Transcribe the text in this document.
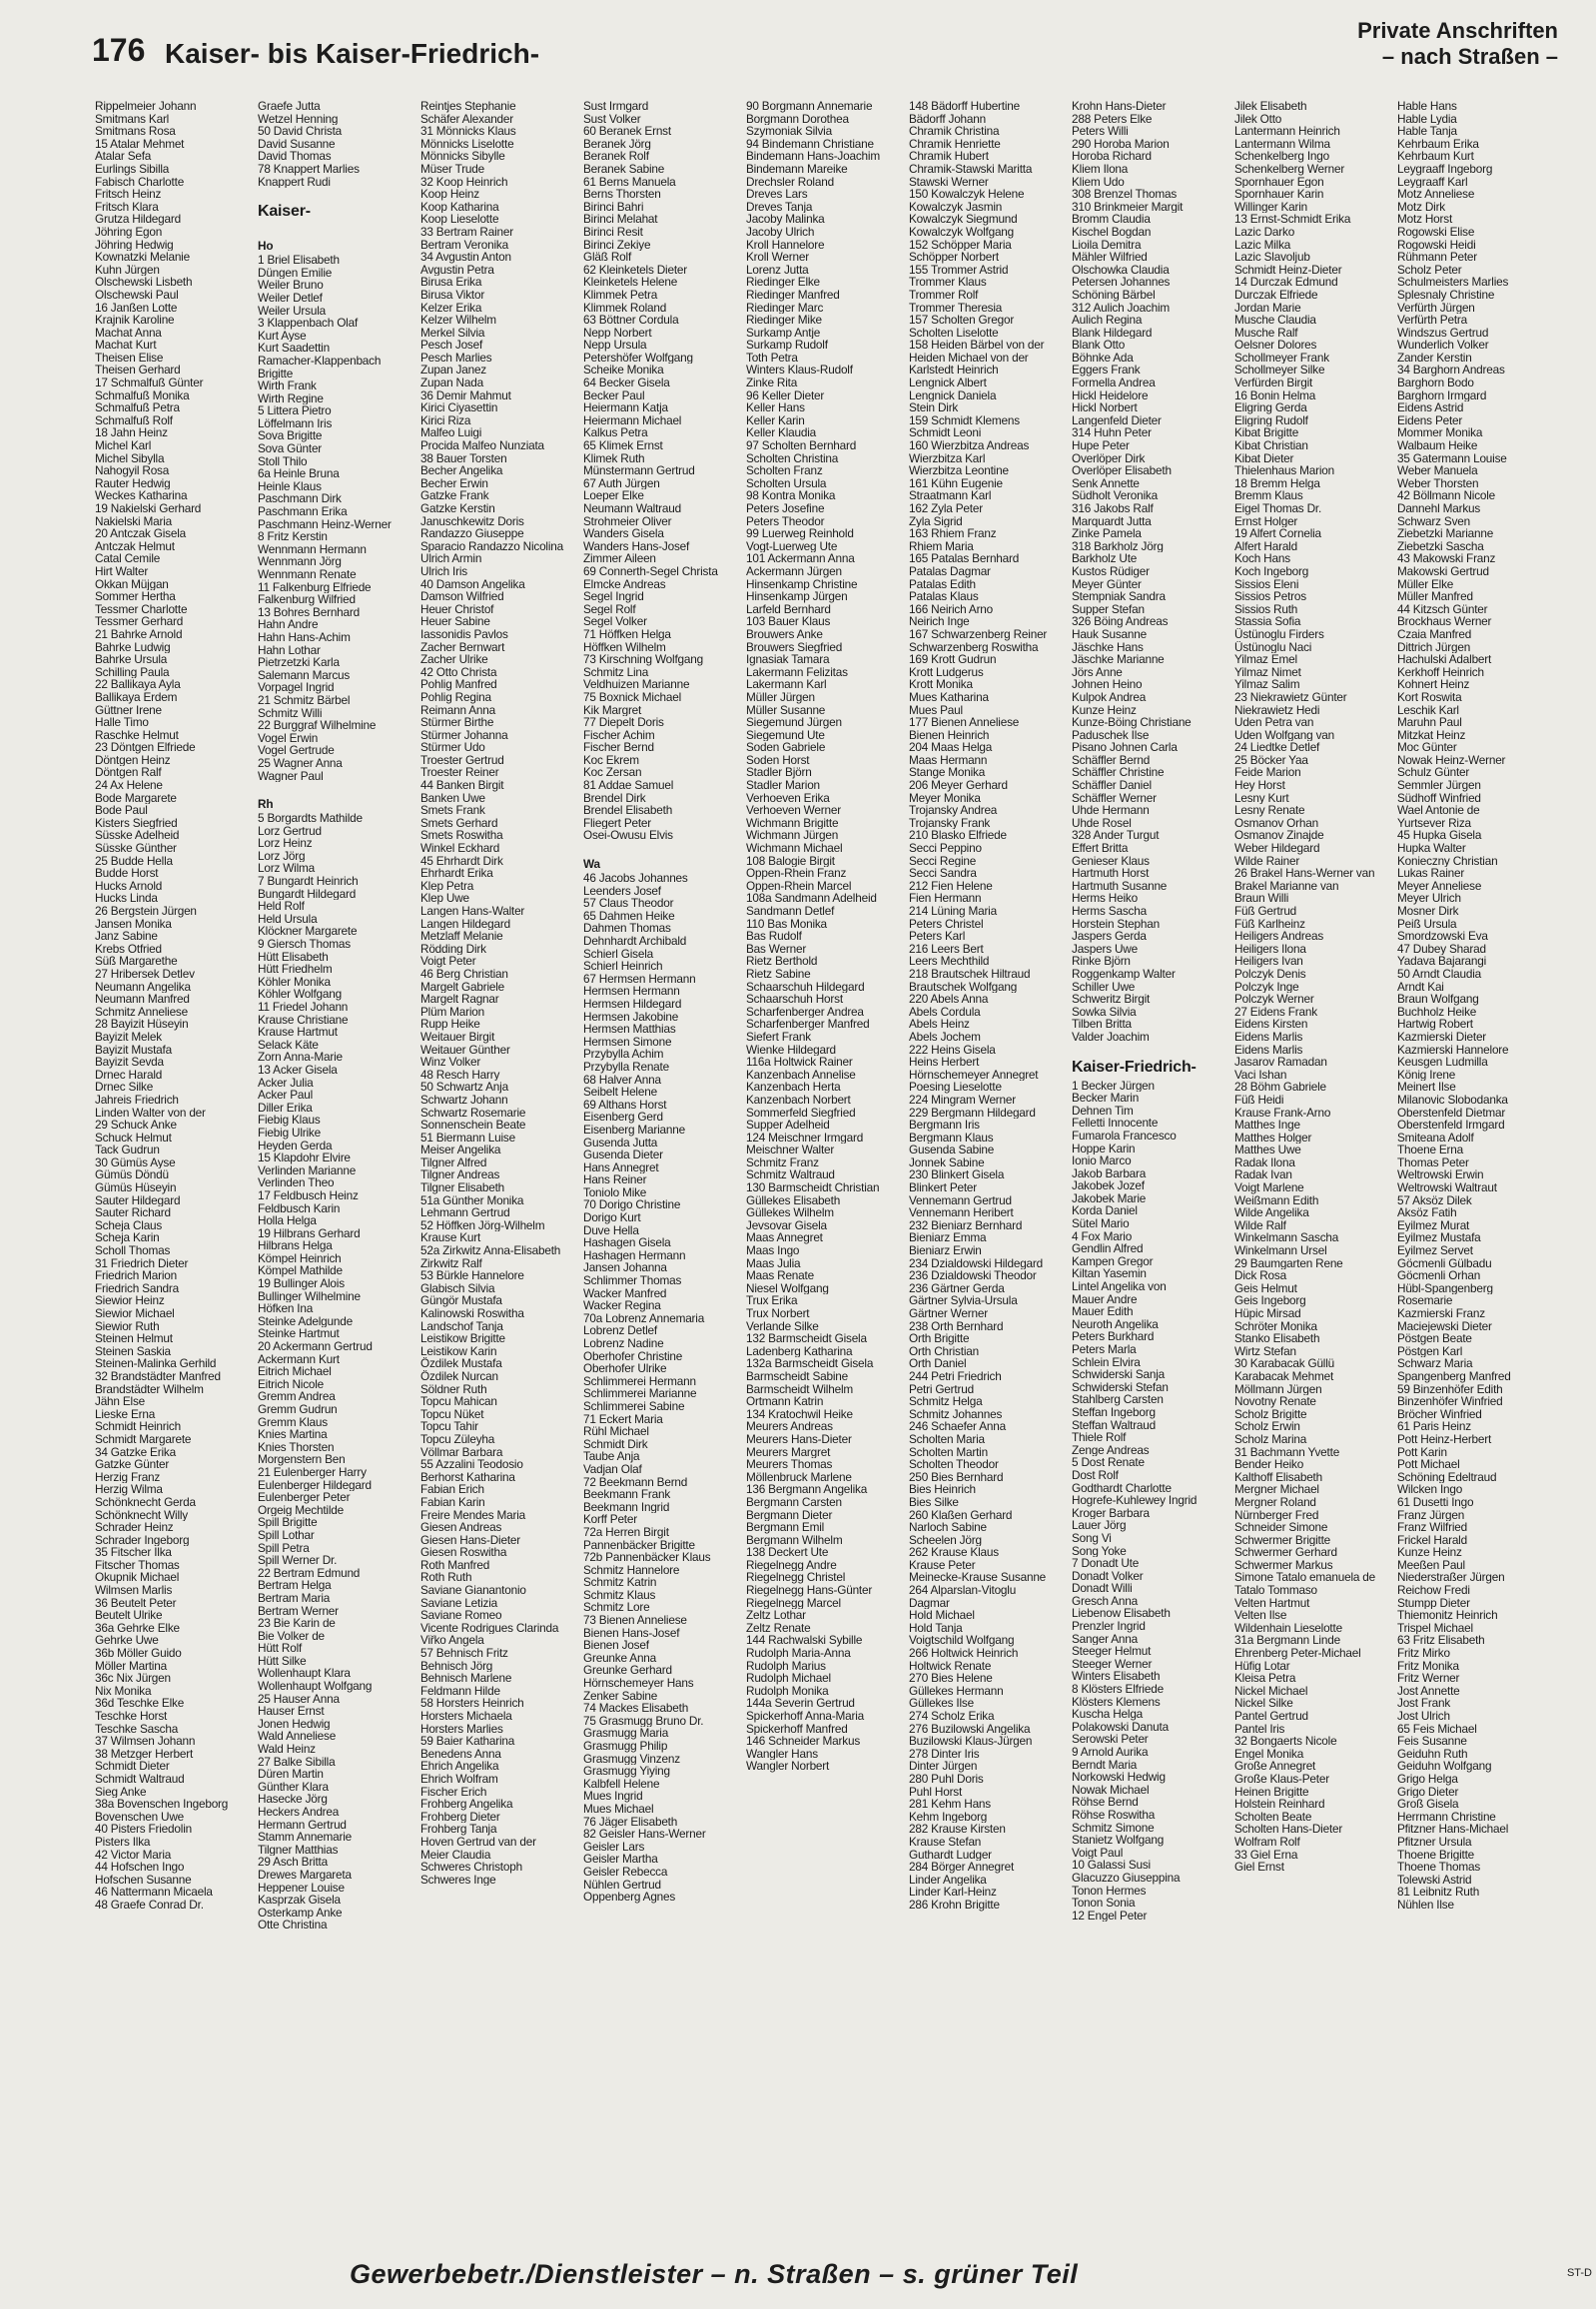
176 Kaiser- bis Kaiser-Friedrich-
Private Anschriften
– nach Straßen –
Rippelmeier Johann
Smitmans Karl
Smitmans Rosa
15 Atalar Mehmet
Atalar Sefa
Eurlings Sibilla
Fabisch Charlotte
Fritsch Heinz
Fritsch Klara
Grutza Hildegard
Jöhring Egon
Jöhring Hedwig
Kownatzki Melanie
Kuhn Jürgen
Olschewski Lisbeth
Olschewski Paul
16 Janßen Lotte
Krajnik Karoline
Machat Anna
Machat Kurt
Theisen Elise
Theisen Gerhard
17 Schmalfuß Günter
Schmalfuß Monika
Schmalfuß Petra
Schmalfuß Rolf
18 Jahn Heinz
Michel Karl
Michel Sibylla
Nahogyil Rosa
Rauter Hedwig
Weckes Katharina
19 Nakielski Gerhard
Nakielski Maria
20 Antczak Gisela
Antczak Helmut
Catal Cemile
Hirt Walter
Okkan Müjgan
Sommer Hertha
Tessmer Charlotte
Tessmer Gerhard
21 Bahrke Arnold
Bahrke Ludwig
Bahrke Ursula
Schilling Paula
22 Ballikaya Ayla
Ballikaya Erdem
Güttner Irene
Halle Timo
Raschke Helmut
23 Döntgen Elfriede
Döntgen Heinz
Döntgen Ralf
24 Ax Helene
Bode Margarete
Bode Paul
Kisters Siegfried
Süsske Adelheid
Süsske Günther
25 Budde Hella
Budde Horst
Hucks Arnold
Hucks Linda
26 Bergstein Jürgen
Jansen Monika
Janz Sabine
Krebs Otfried
Süß Margarethe
27 Hribersek Detlev
Neumann Angelika
Neumann Manfred
Schmitz Anneliese
28 Bayizit Hüseyin
Bayizit Melek
Bayizit Mustafa
Bayizit Sevda
Drnec Harald
Drnec Silke
Jahreis Friedrich
Linden Walter von der
29 Schuck Anke
Schuck Helmut
Tack Gudrun
30 Gümüs Ayse
Gümüs Döndü
Gümüs Hüseyin
Sauter Hildegard
Sauter Richard
Scheja Claus
Scheja Karin
Scholl Thomas
31 Friedrich Dieter
Friedrich Marion
Friedrich Sandra
Siewior Heinz
Siewior Michael
Siewior Ruth
Steinen Helmut
Steinen Saskia
Steinen-Malinka Gerhild
32 Brandstädter Manfred
Brandstädter Wilhelm
Jähn Else
Lieske Erna
Schmidt Heinrich
Schmidt Margarete
34 Gatzke Erika
Gatzke Günter
Herzig Franz
Herzig Wilma
Schönknecht Gerda
Schönknecht Willy
Schrader Heinz
Schrader Ingeborg
35 Fitscher Ilka
Fitscher Thomas
Okupnik Michael
Wilmsen Marlis
36 Beutelt Peter
Beutelt Ulrike
36a Gehrke Elke
Gehrke Uwe
36b Möller Guido
Möller Martina
36c Nix Jürgen
Nix Monika
36d Teschke Elke
Teschke Horst
Teschke Sascha
37 Wilmsen Johann
38 Metzger Herbert
Schmidt Dieter
Schmidt Waltraud
Sieg Anke
38a Bovenschen Ingeborg
Bovenschen Uwe
40 Pisters Friedolin
Pisters Ilka
42 Victor Maria
44 Hofschen Ingo
Hofschen Susanne
46 Nattermann Micaela
48 Graefe Conrad Dr.
Graefe Jutta
Wetzel Henning
50 David Christa
David Susanne
David Thomas
78 Knappert Marlies
Knappert Rudi
Kaiser-
Ho
1 Briel Elisabeth
Düngen Emilie
Weiler Bruno
Weiler Detlef
Weiler Ursula
3 Klappenbach Olaf
Kurt Ayse
Kurt Saadettin
Ramacher-Klappenbach
Brigitte
Wirth Frank
Wirth Regine
5 Littera Pietro
Löffelmann Iris
Sova Brigitte
Sova Günter
Stoll Thilo
6a Heinle Bruna
Heinle Klaus
Paschmann Dirk
Paschmann Erika
Paschmann Heinz-Werner
8 Fritz Kerstin
Wennmann Hermann
Wennmann Jörg
Wennmann Renate
11 Falkenburg Elfriede
Falkenburg Wilfried
13 Bohres Bernhard
Hahn Andre
Hahn Hans-Achim
Hahn Lothar
Pietrzetzki Karla
Salemann Marcus
Vorpagel Ingrid
21 Schmitz Bärbel
Schmitz Willi
22 Burggraf Wilhelmine
Vogel Erwin
Vogel Gertrude
25 Wagner Anna
Wagner Paul
Rh
5 Borgardts Mathilde
Lorz Gertrud
Lorz Heinz
Lorz Jörg
Lorz Wilma
7 Bungardt Heinrich
Bungardt Hildegard
Held Rolf
Held Ursula
Klöckner Margarete
9 Giersch Thomas
Hütt Elisabeth
Hütt Friedhelm
Köhler Monika
Köhler Wolfgang
11 Friedel Johann
Krause Christiane
Krause Hartmut
Selack Käte
Zorn Anna-Marie
13 Acker Gisela
Acker Julia
Acker Paul
Diller Erika
Fiebig Klaus
Fiebig Ulrike
Heyden Gerda
15 Klapdohr Elvire
Verlinden Marianne
Verlinden Theo
17 Feldbusch Heinz
Feldbusch Karin
Holla Helga
19 Hilbrans Gerhard
Hilbrans Helga
Kömpel Heinrich
Kömpel Mathilde
19 Bullinger Alois
Bullinger Wilhelmine
Höfken Ina
Steinke Adelgunde
Steinke Hartmut
20 Ackermann Gertrud
Ackermann Kurt
Eitrich Michael
Eitrich Nicole
Gremm Andrea
Gremm Gudrun
Gremm Klaus
Knies Martina
Knies Thorsten
Morgenstern Ben
21 Eulenberger Harry
Eulenberger Hildegard
Eulenberger Peter
Orgeig Mechtilde
Spill Brigitte
Spill Lothar
Spill Petra
Spill Werner Dr.
22 Bertram Edmund
Bertram Helga
Bertram Maria
Bertram Werner
23 Bie Karin de
Bie Volker de
Hütt Rolf
Hütt Silke
Wollenhaupt Klara
Wollenhaupt Wolfgang
25 Hauser Anna
Hauser Ernst
Jonen Hedwig
Wald Anneliese
Wald Heinz
27 Balke Sibilla
Düren Martin
Günther Klara
Hasecke Jörg
Heckers Andrea
Hermann Gertrud
Stamm Annemarie
Tilgner Matthias
29 Asch Britta
Drewes Margareta
Heppener Louise
Kasprzak Gisela
Osterkamp Anke
Otte Christina
Reintjes Stephanie
Schäfer Alexander
31 Mönnicks Klaus
Mönnicks Liselotte
Mönnicks Sibylle
Müser Trude
32 Koop Heinrich
Koop Heinz
Koop Katharina
Koop Lieselotte
33 Bertram Rainer
Bertram Veronika
34 Avgustin Anton
Avgustin Petra
Birusa Erika
Birusa Viktor
Kelzer Erika
Kelzer Wilhelm
Merkel Silvia
Pesch Josef
Pesch Marlies
Zupan Janez
Zupan Nada
36 Demir Mahmut
Kirici Ciyasettin
Kirici Riza
Malfeo Luigi
Procida Malfeo Nunziata
38 Bauer Torsten
Becher Angelika
Becher Erwin
Gatzke Frank
Gatzke Kerstin
Januschkewitz Doris
Randazzo Giuseppe
Sparacio Randazzo Nicolina
Ulrich Armin
Ulrich Iris
40 Damson Angelika
Damson Wilfried
Heuer Christof
Heuer Sabine
Iassonidis Pavlos
Zacher Bernwart
Zacher Ulrike
42 Otto Christa
Pohlig Manfred
Pohlig Regina
Reimann Anna
Stürmer Birthe
Stürmer Johanna
Stürmer Udo
Troester Gertrud
Troester Reiner
44 Banken Birgit
Banken Uwe
Smets Frank
Smets Gerhard
Smets Roswitha
Winkel Eckhard
45 Ehrhardt Dirk
Ehrhardt Erika
Klep Petra
Klep Uwe
Langen Hans-Walter
Langen Hildegard
Metzlaff Melanie
Rödding Dirk
Voigt Peter
46 Berg Christian
Margelt Gabriele
Margelt Ragnar
Plüm Marion
Rupp Heike
Weitauer Birgit
Weitauer Günther
Winz Volker
48 Resch Harry
50 Schwartz Anja
Schwartz Johann
Schwartz Rosemarie
Sonnenschein Beate
51 Biermann Luise
Meiser Angelika
Tilgner Alfred
Tilgner Andreas
Tilgner Elisabeth
51a Günther Monika
Lehmann Gertrud
52 Höffken Jörg-Wilhelm
Krause Kurt
52a Zirkwitz Anna-Elisabeth
Zirkwitz Ralf
53 Bürkle Hannelore
Glabisch Silvia
Güngör Mustafa
Kalinowski Roswitha
Landschof Tanja
Leistikow Brigitte
Leistikow Karin
Özdilek Mustafa
Özdilek Nurcan
Söldner Ruth
Topcu Mahican
Topcu Nüket
Topcu Tahir
Topcu Züleyha
Völlmar Barbara
55 Azzalini Teodosio
Berhorst Katharina
Fabian Erich
Fabian Karin
Freire Mendes Maria
Giesen Andreas
Giesen Hans-Dieter
Giesen Roswitha
Roth Manfred
Roth Ruth
Saviane Gianantonio
Saviane Letizia
Saviane Romeo
Vicente Rodrigues Clarinda
Viřko Angela
57 Behnisch Fritz
Behnisch Jörg
Behnisch Marlene
Feldmann Hilde
58 Horsters Heinrich
Horsters Michaela
Horsters Marlies
59 Baier Katharina
Benedens Anna
Ehrich Angelika
Ehrich Wolfram
Fischer Erich
Frohberg Angelika
Frohberg Dieter
Frohberg Tanja
Hoven Gertrud van der
Meier Claudia
Schweres Christoph
Schweres Inge
Sust Irmgard
Sust Volker
60 Beranek Ernst
Beranek Jörg
Beranek Rolf
Beranek Sabine
61 Berns Manuela
Berns Thorsten
Birinci Bahri
Birinci Melahat
Birinci Resit
Birinci Zekiye
Gläß Rolf
62 Kleinketels Dieter
Kleinketels Helene
Klimmek Petra
Klimmek Roland
63 Böttner Cordula
Nepp Norbert
Nepp Ursula
Petershöfer Wolfgang
Scheike Monika
64 Becker Gisela
Becker Paul
Heiermann Katja
Heiermann Michael
Kalkus Petra
65 Klimek Ernst
Klimek Ruth
Münstermann Gertrud
67 Auth Jürgen
Loeper Elke
Neumann Waltraud
Strohmeier Oliver
Wanders Gisela
Wanders Hans-Josef
Zimmer Aileen
69 Connerth-Segel Christa
Elmcke Andreas
Segel Ingrid
Segel Rolf
Segel Volker
71 Höffken Helga
Höffken Wilhelm
73 Kirschning Wolfgang
Schmitz Lina
Veldhuizen Marianne
75 Boxnick Michael
Kik Margret
77 Diepelt Doris
Fischer Achim
Fischer Bernd
Koc Ekrem
Koc Zersan
81 Addae Samuel
Brendel Dirk
Brendel Elisabeth
Fliegert Peter
Osei-Owusu Elvis
Wa
46 Jacobs Johannes
Leenders Josef
57 Claus Theodor
65 Dahmen Heike
Dahmen Thomas
Dehnhardt Archibald
Schierl Gisela
Schierl Heinrich
67 Hermsen Hermann
Hermsen Hermann
Hermsen Hildegard
Hermsen Jakobine
Hermsen Matthias
Hermsen Simone
Przybylla Achim
Przybylla Renate
68 Halver Anna
Seibelt Helene
69 Althans Horst
Eisenberg Gerd
Eisenberg Marianne
Gusenda Jutta
Gusenda Dieter
Hans Annegret
Hans Reiner
Toniolo Mike
70 Dorigo Christine
Dorigo Kurt
Duve Hella
Hashagen Gisela
Hashagen Hermann
Jansen Johanna
Schlimmer Thomas
Wacker Manfred
Wacker Regina
70a Lobrenz Annemaria
Lobrenz Detlef
Lobrenz Nadine
Oberhofer Christine
Oberhofer Ulrike
Schlimmerei Hermann
Schlimmerei Marianne
Schlimmerei Sabine
71 Eckert Maria
Rühl Michael
Schmidt Dirk
Taube Anja
Vadjan Olaf
72 Beekmann Bernd
Beekmann Frank
Beekmann Ingrid
Korff Peter
72a Herren Birgit
Pannenbäcker Brigitte
72b Pannenbäcker Klaus
Schmitz Hannelore
Schmitz Katrin
Schmitz Klaus
Schmitz Lore
73 Bienen Anneliese
Bienen Hans-Josef
Bienen Josef
Greunke Anna
Greunke Gerhard
Hörnschemeyer Hans
Zenker Sabine
74 Mackes Elisabeth
75 Grasmugg Bruno Dr.
Grasmugg Maria
Grasmugg Philip
Grasmugg Vinzenz
Grasmugg Yiying
Kalbfell Helene
Mues Ingrid
Mues Michael
76 Jäger Elisabeth
82 Geisler Hans-Werner
Geisler Lars
Geisler Martha
Geisler Rebecca
Nühlen Gertrud
Oppenberg Agnes
90 Borgmann Annemarie
Borgmann Dorothea
Szymoniak Silvia
94 Bindemann Christiane
Bindemann Hans-Joachim
Bindemann Mareike
Drechsler Roland
Dreves Lars
Dreves Tanja
Jacoby Malinka
Jacoby Ulrich
Kroll Hannelore
Kroll Werner
Lorenz Jutta
Riedinger Elke
Riedinger Manfred
Riedinger Marc
Riedinger Mike
Surkamp Antje
Surkamp Rudolf
Toth Petra
Winters Klaus-Rudolf
Zinke Rita
96 Keller Dieter
Keller Hans
Keller Karin
Keller Klaudia
97 Scholten Bernhard
Scholten Christina
Scholten Franz
Scholten Ursula
98 Kontra Monika
Peters Josefine
Peters Theodor
99 Luerweg Reinhold
Vogt-Luerweg Ute
101 Ackermann Anna
Ackermann Jürgen
Hinsenkamp Christine
Hinsenkamp Jürgen
Larfeld Bernhard
103 Bauer Klaus
Brouwers Anke
Brouwers Siegfried
Ignasiak Tamara
Lakermann Felizitas
Lakermann Karl
Müller Jürgen
Müller Susanne
Siegemund Jürgen
Siegemund Ute
Soden Gabriele
Soden Horst
Stadler Björn
Stadler Marion
Verhoeven Erika
Verhoeven Werner
Wichmann Brigitte
Wichmann Jürgen
Wichmann Michael
108 Balogie Birgit
Oppen-Rhein Franz
Oppen-Rhein Marcel
108a Sandmann Adelheid
Sandmann Detlef
110 Bas Monika
Bas Rudolf
Bas Werner
Rietz Berthold
Rietz Sabine
Schaarschuh Hildegard
Schaarschuh Horst
Scharfenberger Andrea
Scharfenberger Manfred
Siefert Frank
Wienke Hildegard
116a Holtwick Rainer
Kanzenbach Annelise
Kanzenbach Herta
Kanzenbach Norbert
Sommerfeld Siegfried
Supper Adelheid
124 Meischner Irmgard
Meischner Walter
Schmitz Franz
Schmitz Waltraud
130 Barmscheidt Christian
Güllekes Elisabeth
Güllekes Wilhelm
Jevsovar Gisela
Maas Annegret
Maas Ingo
Maas Julia
Maas Renate
Niesel Wolfgang
Trux Erika
Trux Norbert
Verlande Silke
132 Barmscheidt Gisela
Ladenberg Katharina
132a Barmscheidt Gisela
Barmscheidt Sabine
Barmscheidt Wilhelm
Ortmann Katrin
134 Kratochwil Heike
Meurers Andreas
Meurers Hans-Dieter
Meurers Margret
Meurers Thomas
Möllenbruck Marlene
136 Bergmann Angelika
Bergmann Carsten
Bergmann Dieter
Bergmann Emil
Bergmann Wilhelm
138 Deckert Ute
Riegelnegg Andre
Riegelnegg Christel
Riegelnegg Hans-Günter
Riegelnegg Marcel
Zeltz Lothar
Zeltz Renate
144 Rachwalski Sybille
Rudolph Maria-Anna
Rudolph Marius
Rudolph Michael
Rudolph Monika
144a Severin Gertrud
Spickerhoff Anna-Maria
Spickerhoff Manfred
146 Schneider Markus
Wangler Hans
Wangler Norbert
148 Bädorff Hubertine
Bädorff Johann
Chramik Christina
Chramik Henriette
Chramik Hubert
Chramik-Stawski Maritta
Stawski Werner
150 Kowalczyk Helene
Kowalczyk Jasmin
Kowalczyk Siegmund
Kowalczyk Wolfgang
152 Schöpper Maria
Schöpper Norbert
155 Trommer Astrid
Trommer Klaus
Trommer Rolf
Trommer Theresia
157 Scholten Gregor
Scholten Liselotte
158 Heiden Bärbel von der
Heiden Michael von der
Karlstedt Heinrich
Lengnick Albert
Lengnick Daniela
Stein Dirk
159 Schmidt Klemens
Schmidt Leoni
160 Wierzbitza Andreas
Wierzbitza Karl
Wierzbitza Leontine
161 Kühn Eugenie
Straatmann Karl
162 Zyla Peter
Zyla Sigrid
163 Rhiem Franz
Rhiem Maria
165 Patalas Bernhard
Patalas Dagmar
Patalas Edith
Patalas Klaus
166 Neirich Arno
Neirich Inge
167 Schwarzenberg Reiner
Schwarzenberg Roswitha
169 Krott Gudrun
Krott Ludgerus
Krott Monika
Mues Katharina
Mues Paul
177 Bienen Anneliese
Bienen Heinrich
204 Maas Helga
Maas Hermann
Stange Monika
206 Meyer Gerhard
Meyer Monika
Trojansky Andrea
Trojansky Frank
210 Blasko Elfriede
Secci Peppino
Secci Regine
Secci Sandra
212 Fien Helene
Fien Hermann
214 Lüning Maria
Peters Christel
Peters Karl
216 Leers Bert
Leers Mechthild
218 Brautschek Hiltraud
Brautschek Wolfgang
220 Abels Anna
Abels Cordula
Abels Heinz
Abels Jochem
222 Heins Gisela
Heins Herbert
Hörnschemeyer Annegret
Poesing Lieselotte
224 Mingram Werner
229 Bergmann Hildegard
Bergmann Iris
Bergmann Klaus
Gusenda Sabine
Jonnek Sabine
230 Blinkert Gisela
Blinkert Peter
Vennemann Gertrud
Vennemann Heribert
232 Bieniarz Bernhard
Bieniarz Emma
Bieniarz Erwin
234 Dzialdowski Hildegard
236 Dzialdowski Theodor
236 Gärtner Gerda
Gärtner Sylvia-Ursula
Gärtner Werner
238 Orth Bernhard
Orth Brigitte
Orth Christian
Orth Daniel
244 Petri Friedrich
Petri Gertrud
Schmitz Helga
Schmitz Johannes
246 Schaefer Anna
Scholten Maria
Scholten Martin
Scholten Theodor
250 Bies Bernhard
Bies Heinrich
Bies Silke
260 Klaßen Gerhard
Narloch Sabine
Scheelen Jörg
262 Krause Klaus
Krause Peter
Meinecke-Krause Susanne
264 Alparslan-Vitoglu
Dagmar
Hold Michael
Hold Tanja
Voigtschild Wolfgang
266 Holtwick Heinrich
Holtwick Renate
270 Bies Helene
Güllekes Hermann
Güllekes Ilse
274 Scholz Erika
276 Buzilowski Angelika
Buzilowski Klaus-Jürgen
278 Dinter Iris
Dinter Jürgen
280 Puhl Doris
Puhl Horst
281 Kehm Hans
Kehm Ingeborg
282 Krause Kirsten
Krause Stefan
Guthardt Ludger
284 Börger Annegret
Linder Angelika
Linder Karl-Heinz
286 Krohn Brigitte
Krohn Hans-Dieter
288 Peters Elke
Peters Willi
290 Horoba Marion
Horoba Richard
Kliem Ilona
Kliem Udo
308 Brenzel Thomas
310 Brinkmeier Margit
Bromm Claudia
Kischel Bogdan
Lioila Demitra
Mähler Wilfried
Olschowka Claudia
Petersen Johannes
Schöning Bärbel
312 Aulich Joachim
Aulich Regina
Blank Hildegard
Blank Otto
Böhnke Ada
Eggers Frank
Formella Andrea
Hickl Heidelore
Hickl Norbert
Langenfeld Dieter
314 Huhn Peter
Hupe Peter
Overlöper Dirk
Overlöper Elisabeth
Senk Annette
Südholt Veronika
316 Jakobs Ralf
Marquardt Jutta
Zinke Pamela
318 Barkholz Jörg
Barkholz Ute
Kustos Rüdiger
Meyer Günter
Stempniak Sandra
Supper Stefan
326 Böing Andreas
Hauk Susanne
Jäschke Hans
Jäschke Marianne
Jörs Anne
Johnen Heino
Kulpok Andrea
Kunze Heinz
Kunze-Böing Christiane
Paduschek Ilse
Pisano Johnen Carla
Schäffler Bernd
Schäffler Christine
Schäffler Daniel
Schäffler Werner
Uhde Hermann
Uhde Rosel
328 Ander Turgut
Effert Britta
Genieser Klaus
Hartmuth Horst
Hartmuth Susanne
Herms Heiko
Herms Sascha
Horstein Stephan
Jaspers Gerda
Jaspers Uwe
Rinke Björn
Roggenkamp Walter
Schiller Uwe
Schweritz Birgit
Sowka Silvia
Tilben Britta
Valder Joachim
Kaiser-Friedrich-
1 Becker Jürgen
Becker Marin
Dehnen Tim
Felletti Innocente
Fumarola Francesco
Hoppe Karin
Ionio Marco
Jakob Barbara
Jakobek Jozef
Jakobek Marie
Korda Daniel
Sütel Mario
4 Fox Mario
Gendlin Alfred
Kampen Gregor
Kiltan Yasemin
Lintel Angelika von
Mauer Andre
Mauer Edith
Neuroth Angelika
Peters Burkhard
Peters Marla
Schlein Elvira
Schwiderski Sanja
Schwiderski Stefan
Stahlberg Carsten
Steffan Ingeborg
Steffan Waltraud
Thiele Rolf
Zenge Andreas
5 Dost Renate
Dost Rolf
Godthardt Charlotte
Hogrefe-Kuhlewey Ingrid
Kroger Barbara
Lauer Jörg
Song Vi
Song Yoke
7 Donadt Ute
Donadt Volker
Donadt Willi
Gresch Anna
Liebenow Elisabeth
Prenzler Ingrid
Sanger Anna
Steeger Helmut
Steeger Werner
Winters Elisabeth
8 Klösters Elfriede
Klösters Klemens
Kuscha Helga
Polakowski Danuta
Serowski Peter
9 Arnold Aurika
Berndt Maria
Norkowski Hedwig
Nowak Michael
Röhse Bernd
Röhse Roswitha
Schmitz Simone
Stanietz Wolfgang
Voigt Paul
10 Galassi Susi
Glacuzzo Giuseppina
Tonon Hermes
Tonon Sonia
12 Engel Peter
Jilek Elisabeth
Jilek Otto
Lantermann Heinrich
Lantermann Wilma
Schenkelberg Ingo
Schenkelberg Werner
Spornhauer Egon
Spornhauer Karin
Willinger Karin
13 Ernst-Schmidt Erika
Lazic Darko
Lazic Milka
Lazic Slavoljub
Schmidt Heinz-Dieter
14 Durczak Edmund
Durczak Elfriede
Jordan Marie
Musche Claudia
Musche Ralf
Oelsner Dolores
Schollmeyer Frank
Schollmeyer Silke
Verfürden Birgit
16 Bonin Helma
Eligring Gerda
Eligring Rudolf
Kibat Brigitte
Kibat Christian
Kibat Dieter
Thielenhaus Marion
18 Bremm Helga
Bremm Klaus
Eigel Thomas Dr.
Ernst Holger
19 Alfert Cornelia
Alfert Harald
Koch Hans
Koch Ingeborg
Sissios Eleni
Sissios Petros
Sissios Ruth
Stassia Sofia
Üstünoglu Firders
Üstünoglu Naci
Yilmaz Emel
Yilmaz Nimet
Yilmaz Salim
23 Niekrawietz Günter
Niekrawietz Hedi
Uden Petra van
Uden Wolfgang van
24 Liedtke Detlef
25 Böcker Yaa
Feide Marion
Hey Horst
Lesny Kurt
Lesny Renate
Osmanov Orhan
Osmanov Zinajde
Weber Hildegard
Wilde Rainer
26 Brakel Hans-Werner van
Brakel Marianne van
Braun Willi
Füß Gertrud
Füß Karlheinz
Heiligers Andreas
Heiligers Ilona
Heiligers Ivan
Polczyk Denis
Polczyk Inge
Polczyk Werner
27 Eidens Frank
Eidens Kirsten
Eidens Marlis
Eidens Marlis
Jasarov Ramadan
Vaci Ishan
28 Böhm Gabriele
Füß Heidi
Krause Frank-Arno
Matthes Inge
Matthes Holger
Matthes Uwe
Radak Ilona
Radak Ivan
Voigt Marlene
Weißmann Edith
Wilde Angelika
Wilde Ralf
Winkelmann Sascha
Winkelmann Ursel
29 Baumgarten Rene
Dick Rosa
Geis Helmut
Geis Ingeborg
Hüpic Mirsad
Schröter Monika
Stanko Elisabeth
Wirtz Stefan
30 Karabacak Güllü
Karabacak Mehmet
Möllmann Jürgen
Novotny Renate
Scholz Brigitte
Scholz Erwin
Scholz Marina
31 Bachmann Yvette
Bender Heiko
Kalthoff Elisabeth
Mergner Michael
Mergner Roland
Nürnberger Fred
Schneider Simone
Schwermer Brigitte
Schwermer Gerhard
Schwermer Markus
Simone Tatalo emanuela de
Tatalo Tommaso
Velten Hartmut
Velten Ilse
Wildenhain Lieselotte
31a Bergmann Linde
Ehrenberg Peter-Michael
Hüfig Lotar
Kleisa Petra
Nickel Michael
Nickel Silke
Pantel Gertrud
Pantel Iris
32 Bongaerts Nicole
Engel Monika
Große Annegret
Große Klaus-Peter
Heinen Brigitte
Holstein Reinhard
Scholten Beate
Scholten Hans-Dieter
Wolfram Rolf
33 Giel Erna
Giel Ernst
Hable Hans
Hable Lydia
Hable Tanja
Kehrbaum Erika
Kehrbaum Kurt
Leygraaff Ingeborg
Leygraaff Karl
Motz Anneliese
Motz Dirk
Motz Horst
Rogowski Elise
Rogowski Heidi
Rühmann Peter
Scholz Peter
Schulmeisters Marlies
Splesnaly Christine
Verfürth Jürgen
Verfürth Petra
Windszus Gertrud
Wunderlich Volker
Zander Kerstin
34 Barghorn Andreas
Barghorn Bodo
Barghorn Irmgard
Eidens Astrid
Eidens Peter
Mommer Monika
Walbaum Heike
35 Gatermann Louise
Weber Manuela
Weber Thorsten
42 Böllmann Nicole
Dannehl Markus
Schwarz Sven
Ziebetzki Marianne
Ziebetzki Sascha
43 Makowski Franz
Makowski Gertrud
Müller Elke
Müller Manfred
44 Kitzsch Günter
Brockhaus Werner
Czaia Manfred
Dittrich Jürgen
Hachulski Adalbert
Kerkhoff Heinrich
Kohnert Heinz
Kort Roswita
Leschik Karl
Maruhn Paul
Mitzkat Heinz
Moc Günter
Nowak Heinz-Werner
Schulz Günter
Semmler Jürgen
Südhoff Winfried
Wael Antonie de
Yurtsever Riza
45 Hupka Gisela
Hupka Walter
Konieczny Christian
Lukas Rainer
Meyer Anneliese
Meyer Ulrich
Mosner Dirk
Peiß Ursula
Smordzowski Eva
47 Dubey Sharad
Yadava Bajarangi
50 Arndt Claudia
Arndt Kai
Braun Wolfgang
Buchholz Heike
Hartwig Robert
Kazmierski Dieter
Kazmierski Hannelore
Keusgen Ludmilla
König Irene
Meinert Ilse
Milanovic Slobodanka
Oberstenfeld Dietmar
Oberstenfeld Irmgard
Smiteana Adolf
Thoene Erna
Thomas Peter
Weltrowski Erwin
Weltrowski Waltraut
57 Aksöz Dilek
Aksöz Fatih
Eyilmez Murat
Eyilmez Mustafa
Eyilmez Servet
Göcmenli Gülbadu
Göcmenli Orhan
Hübl-Spangenberg
Rosemarie
Kazmierski Franz
Maciejewski Dieter
Pöstgen Beate
Pöstgen Karl
Schwarz Maria
Spangenberg Manfred
59 Binzenhöfer Edith
Binzenhöfer Winfried
Bröcher Winfried
61 Paris Heinz
Pott Heinz-Herbert
Pott Karin
Pott Michael
Schöning Edeltraud
Wilcken Ingo
61 Dusetti Ingo
Franz Jürgen
Franz Wilfried
Frickel Harald
Kunze Heinz
Meeßen Paul
Niederstraßer Jürgen
Reichow Fredi
Stumpp Dieter
Thiemonitz Heinrich
Trispel Michael
63 Fritz Elisabeth
Fritz Mirko
Fritz Monika
Fritz Werner
Jost Annette
Jost Frank
Jost Ulrich
65 Feis Michael
Feis Susanne
Geiduhn Ruth
Geiduhn Wolfgang
Grigo Helga
Grigo Dieter
Groß Gisela
Herrmann Christine
Pfitzner Hans-Michael
Pfitzner Ursula
Thoene Brigitte
Thoene Thomas
Tolewski Astrid
81 Leibnitz Ruth
Nühlen Ilse
Gewerbebetr./Dienstleister – n. Straßen – s. grüner Teil	ST-D
